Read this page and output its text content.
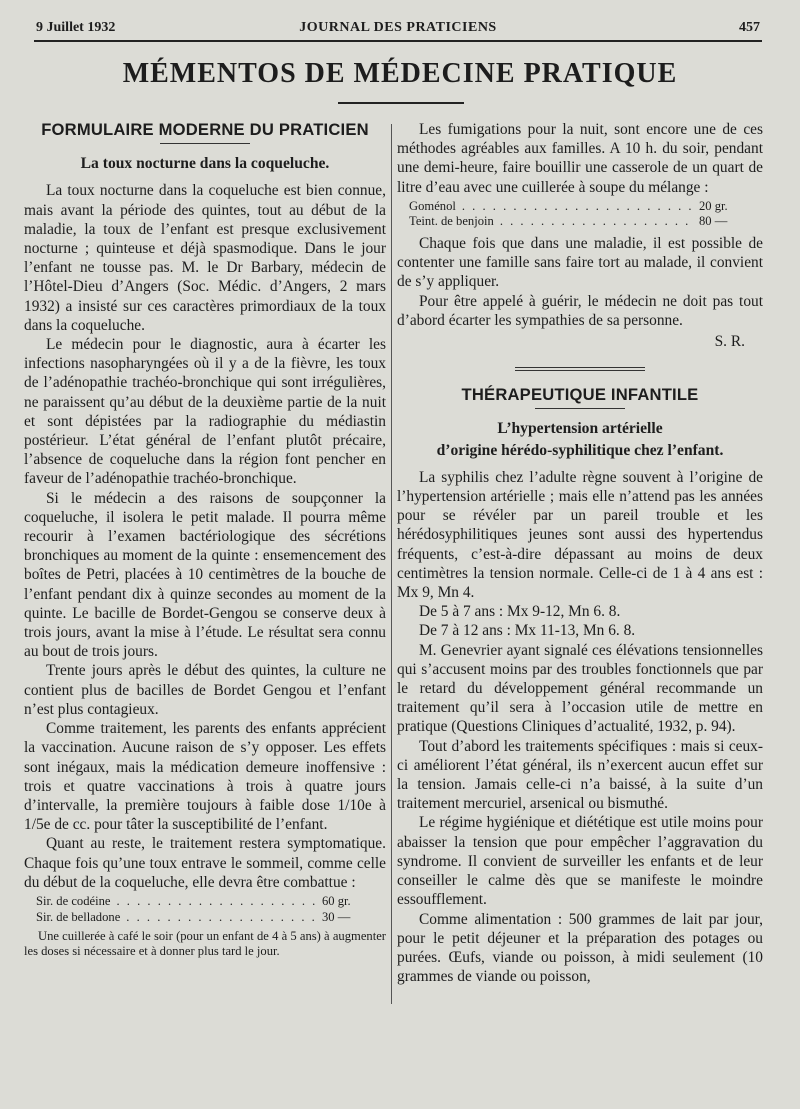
9 Juillet 1932	JOURNAL DES PRATICIENS	457
MÉMENTOS DE MÉDECINE PRATIQUE
FORMULAIRE MODERNE DU PRATICIEN
La toux nocturne dans la coqueluche.

La toux nocturne dans la coqueluche est bien connue, mais avant la période des quintes, tout au début de la maladie, la toux de l’enfant est presque exclusivement nocturne ; quinteuse et déjà spasmodique. Dans le jour l’enfant ne tousse pas. M. le Dr Barbary, médecin de l’Hôtel-Dieu d’Angers (Soc. Médic. d’Angers, 2 mars 1932) a insisté sur ces caractères primordiaux de la toux dans la coqueluche.

Le médecin pour le diagnostic, aura à écarter les infections nasopharyngées où il y a de la fièvre, les toux de l’adénopathie trachéo-bronchique qui sont irrégulières, ne paraissent qu’au début de la deuxième partie de la nuit et sont dépistées par la radiographie du médiastin postérieur. L’état général de l’enfant plutôt précaire, l’absence de coqueluche dans la région font pencher en faveur de l’adénopathie trachéo-bronchique.

Si le médecin a des raisons de soupçonner la coqueluche, il isolera le petit malade. Il pourra même recourir à l’examen bactériologique des sécrétions bronchiques au moment de la quinte : ensemencement des boîtes de Petri, placées à 10 centimètres de la bouche de l’enfant pendant dix à quinze secondes au moment de la quinte. Le bacille de Bordet-Gengou se conserve deux à trois jours, avant la mise à l’étude. Le résultat sera connu au bout de trois jours.

Trente jours après le début des quintes, la culture ne contient plus de bacilles de Bordet Gengou et l’enfant n’est plus contagieux.

Comme traitement, les parents des enfants apprécient la vaccination. Aucune raison de s’y opposer. Les effets sont inégaux, mais la médication demeure inoffensive : trois et quatre vaccinations à trois à quatre jours d’intervalle, la première toujours à faible dose 1/10e à 1/5e de cc. pour tâter la susceptibilité de l’enfant.

Quant au reste, le traitement restera symptomatique. Chaque fois qu’une toux entrave le sommeil, comme celle du début de la coqueluche, elle devra être combattue :

Sir. de codéine . . .	60 gr.
Sir. de belladone . . .	30 —

Une cuillerée à café le soir (pour un enfant de 4 à 5 ans) à augmenter les doses si nécessaire et à donner plus tard le jour.

Les fumigations pour la nuit, sont encore une de ces méthodes agréables aux familles. A 10 h. du soir, pendant une demi-heure, faire bouillir une casserole de un quart de litre d’eau avec une cuillerée à soupe du mélange :

Goménol . . .	20 gr.
Teint. de benjoin . . .	80 —

Chaque fois que dans une maladie, il est possible de contenter une famille sans faire tort au malade, il convient de s’y appliquer.

Pour être appelé à guérir, le médecin ne doit pas tout d’abord écarter les sympathies de sa personne.

S. R.
THÉRAPEUTIQUE INFANTILE
L’hypertension artérielle
d’origine hérédo-syphilitique chez l’enfant.

La syphilis chez l’adulte règne souvent à l’origine de l’hypertension artérielle ; mais elle n’attend pas les années pour se révéler par un pareil trouble et les hérédosyphilitiques jeunes sont aussi des hypertendus fréquents, c’est-à-dire dépassant au moins de deux centimètres la tension normale. Celle-ci de 1 à 4 ans est : Mx 9, Mn 4.

De 5 à 7 ans : Mx 9-12, Mn 6. 8.

De 7 à 12 ans : Mx 11-13, Mn 6. 8.

M. Genevrier ayant signalé ces élévations tensionnelles qui s’accusent moins par des troubles fonctionnels que par le retard du développement général recommande un traitement qu’il sera à l’occasion utile de mettre en pratique (Questions Cliniques d’actualité, 1932, p. 94).

Tout d’abord les traitements spécifiques : mais si ceux-ci améliorent l’état général, ils n’exercent aucun effet sur la tension. Jamais celle-ci n’a baissé, à la suite d’un traitement mercuriel, arsenical ou bismuthé.

Le régime hygiénique et diététique est utile moins pour abaisser la tension que pour empêcher l’aggravation du syndrome. Il convient de surveiller les enfants et de leur conseiller le calme dès que se manifeste le moindre essoufflement.

Comme alimentation : 500 grammes de lait par jour, pour le petit déjeuner et la préparation des potages ou purées. Œufs, viande ou poisson, à midi seulement (10 grammes de viande ou poisson,
